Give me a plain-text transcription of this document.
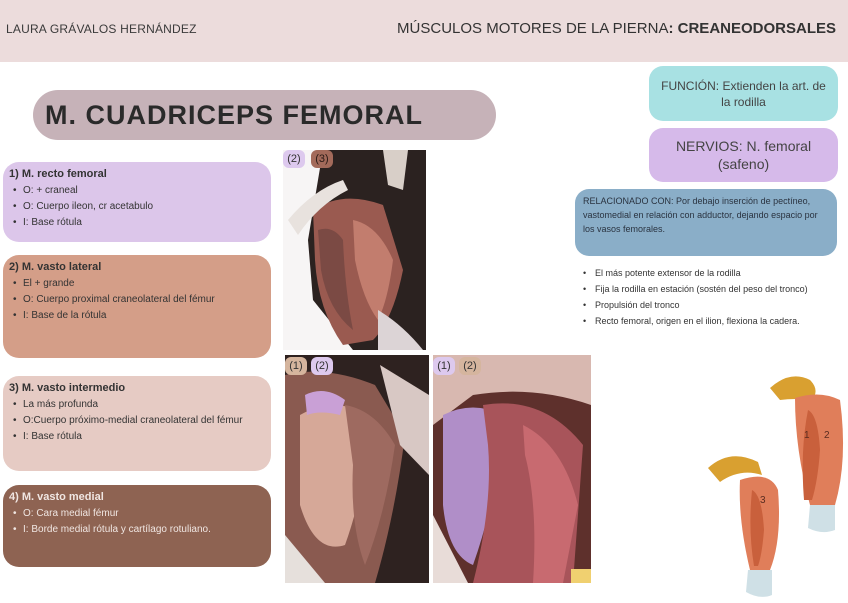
LAURA GRÁVALOS HERNÁNDEZ	MÚSCULOS MOTORES DE LA PIERNA: CREANEODORSALES
M. CUADRICEPS FEMORAL
1) M. recto femoral
• O: + craneal
• O: Cuerpo ileon, cr acetabulo
• I: Base rótula
2) M. vasto lateral
• El + grande
• O: Cuerpo proximal craneolateral del fémur
• I: Base de la rótula
3) M. vasto intermedio
• La más profunda
• O:Cuerpo próximo-medial craneolateral del fémur
• I: Base rótula
4) M. vasto medial
• O: Cara medial fémur
• I: Borde medial rótula y cartílago rotuliano.
(2)	(3)
(1)	(2)	(1)	(2)
FUNCIÓN: Extienden la art. de la rodilla
NERVIOS: N. femoral (safeno)
RELACIONADO CON: Por debajo inserción de pectíneo, vastomedial en relación con adductor, dejando espacio por los vasos femorales.
• El más potente extensor de la rodilla
• Fija la rodilla en estación (sostén del peso del tronco)
• Propulsión del tronco
• Recto femoral, origen en el ilion, flexiona la cadera.
1 2
3
